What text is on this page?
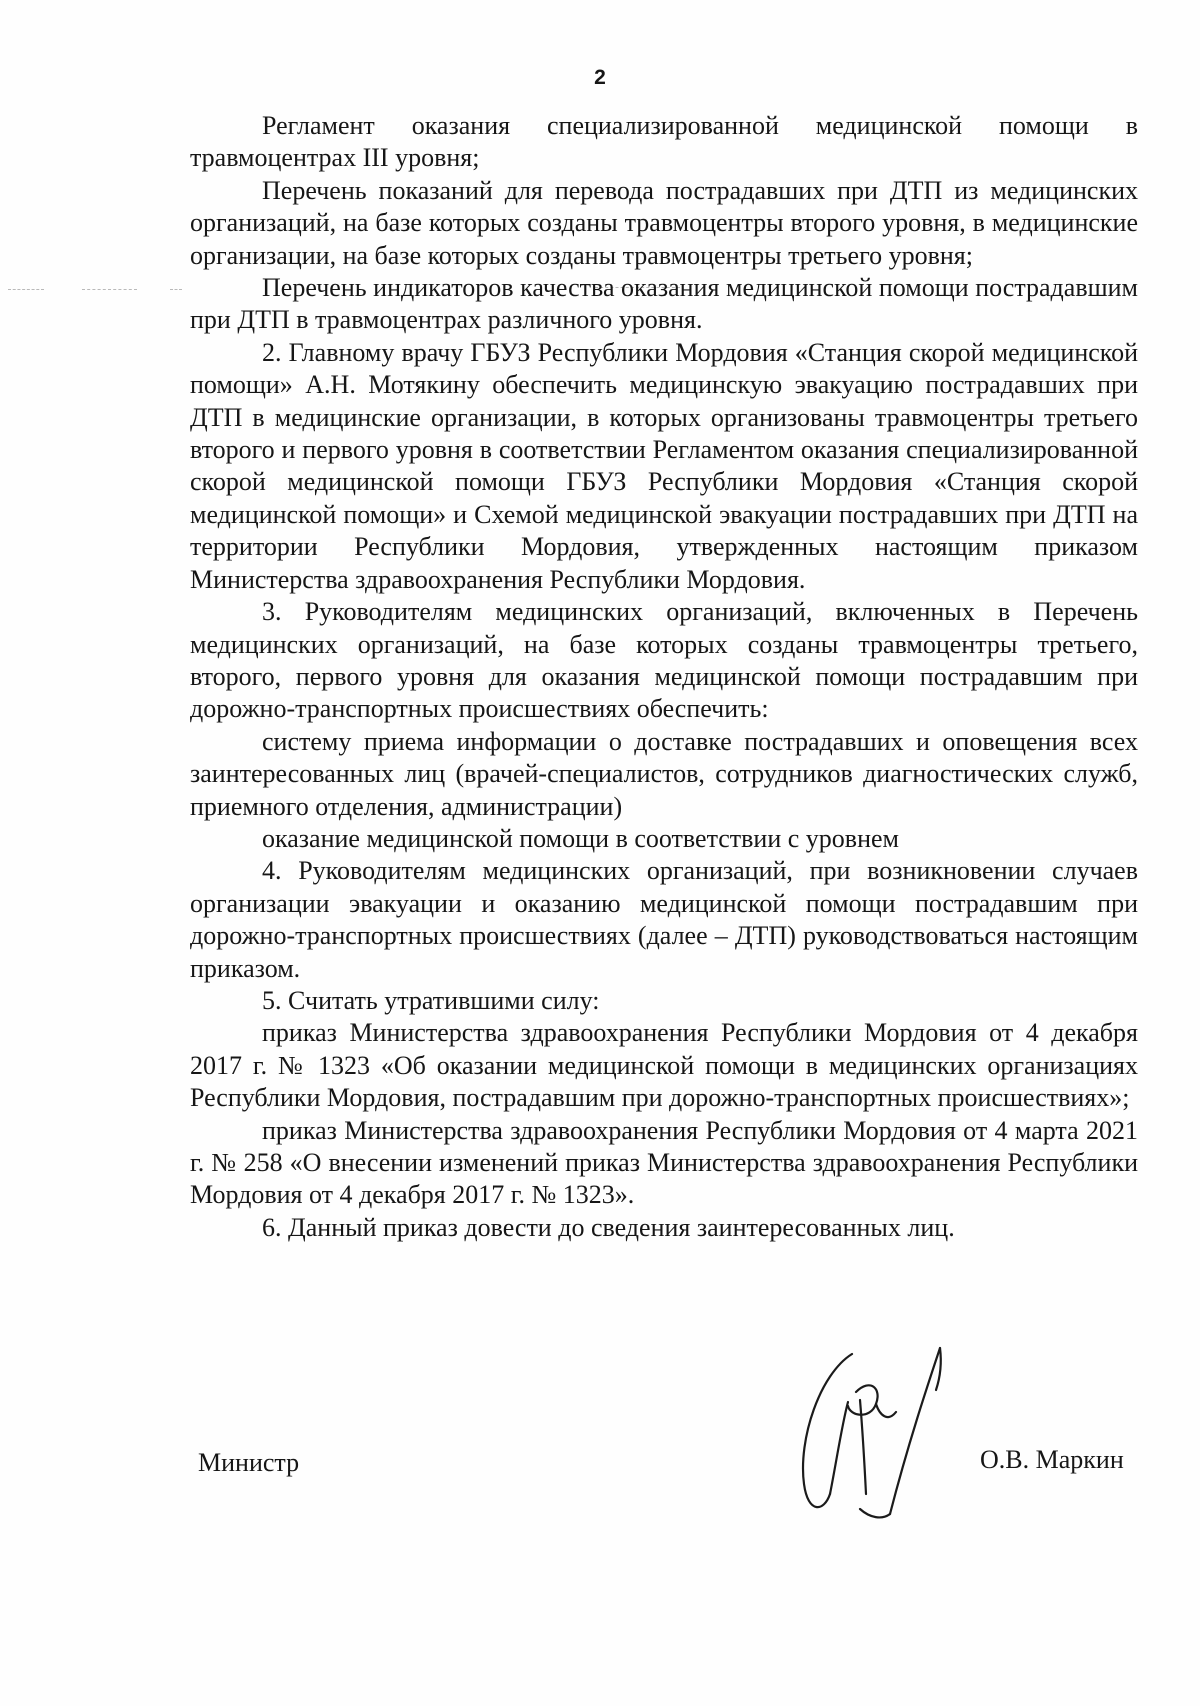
2

Регламент оказания специализированной медицинской помощи в травмоцентрах III уровня;

Перечень показаний для перевода пострадавших при ДТП из медицинских организаций, на базе которых созданы травмоцентры второго уровня, в медицинские организации, на базе которых созданы травмоцентры третьего уровня;

Перечень индикаторов качества оказания медицинской помощи пострадавшим при ДТП в травмоцентрах различного уровня.

2. Главному врачу ГБУЗ Республики Мордовия «Станция скорой медицинской помощи» А.Н. Мотякину обеспечить медицинскую эвакуацию пострадавших при ДТП в медицинские организации, в которых организованы травмоцентры третьего второго и первого уровня в соответствии Регламентом оказания специализированной скорой медицинской помощи ГБУЗ Республики Мордовия «Станция скорой медицинской помощи» и Схемой медицинской эвакуации пострадавших при ДТП на территории Республики Мордовия, утвержденных настоящим приказом Министерства здравоохранения Республики Мордовия.

3. Руководителям медицинских организаций, включенных в Перечень медицинских организаций, на базе которых созданы травмоцентры третьего, второго, первого уровня для оказания медицинской помощи пострадавшим при дорожно-транспортных происшествиях обеспечить:

систему приема информации о доставке пострадавших и оповещения всех заинтересованных лиц (врачей-специалистов, сотрудников диагностических служб, приемного отделения, администрации)

оказание медицинской помощи в соответствии с уровнем

4. Руководителям медицинских организаций, при возникновении случаев организации эвакуации и оказанию медицинской помощи пострадавшим при дорожно-транспортных происшествиях (далее – ДТП) руководствоваться настоящим приказом.

5. Считать утратившими силу:

приказ Министерства здравоохранения Республики Мордовия от 4 декабря 2017 г. № 1323 «Об оказании медицинской помощи в медицинских организациях Республики Мордовия, пострадавшим при дорожно-транспортных происшествиях»;

приказ Министерства здравоохранения Республики Мордовия от 4 марта 2021 г. № 258 «О внесении изменений приказ Министерства здравоохранения Республики Мордовия от 4 декабря 2017 г. № 1323».

6. Данный приказ довести до сведения заинтересованных лиц.

Министр	О.В. Маркин
